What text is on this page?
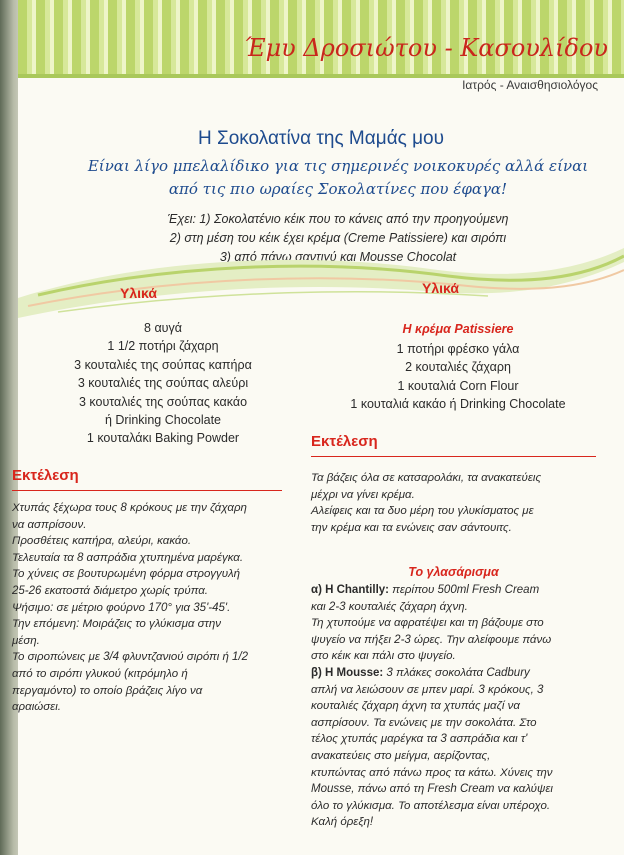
Έμυ Δροσιώτου - Κασουλίδου
Ιατρός - Αναισθησιολόγος
Η Σοκολατίνα της Μαμάς μου
Είναι λίγο μπελαλίδικο για τις σημερινές νοικοκυρές αλλά είναι
από τις πιο ωραίες Σοκολατίνες που έφαγα!
Έχει: 1) Σοκολατένιο κέικ που το κάνεις από την προηγούμενη
2) στη μέση του κέικ έχει κρέμα (Creme Patissiere) και σιρόπι
3) από πάνω σαντιγύ και Mousse Chocolat
Υλικά
8 αυγά
1 1/2 ποτήρι ζάχαρη
3 κουταλιές της σούπας καπήρα
3 κουταλιές της σούπας αλεύρι
3 κουταλιές της σούπας κακάο
ή Drinking Chocolate
1 κουταλάκι Baking Powder
Εκτέλεση
Χτυπάς ξέχωρα τους 8 κρόκους με την ζάχαρη
να ασπρίσουν.
Προσθέτεις καπήρα, αλεύρι, κακάο.
Τελευταία τα 8 ασπράδια χτυπημένα μαρέγκα.
Το χύνεις σε βουτυρωμένη φόρμα στρογγυλή
25-26 εκατοστά διάμετρο χωρίς τρύπα.
Ψήσιμο: σε μέτριο φούρνο 170° για 35'-45'.
Την επόμενη: Μοιράζεις το γλύκισμα στην
μέση.
Το σιροπώνεις με 3/4 φλυντζανιού σιρόπι ή 1/2
από το σιρόπι γλυκού (κιτρόμηλο ή
περγαμόντο) το οποίο βράζεις λίγο να
αραιώσει.
Υλικά
Η κρέμα Patissiere
1 ποτήρι φρέσκο γάλα
2 κουταλιές ζάχαρη
1 κουταλιά Corn Flour
1 κουταλιά κακάο ή Drinking Chocolate
Εκτέλεση
Τα βάζεις όλα σε κατσαρολάκι, τα ανακατεύεις
μέχρι να γίνει κρέμα.
Αλείφεις και τα δυο μέρη του γλυκίσματος με
την κρέμα και τα ενώνεις σαν σάντουιτς.
Το γλασάρισμα
α) Η Chantilly: περίπου 500ml Fresh Cream
και 2-3 κουταλιές ζάχαρη άχνη.
Τη χτυπούμε να αφρατέψει και τη βάζουμε στο
ψυγείο να πήξει 2-3 ώρες. Την αλείφουμε πάνω
στο κέικ και πάλι στο ψυγείο.
β) Η Mousse: 3 πλάκες σοκολάτα Cadbury
απλή να λειώσουν σε μπεν μαρί. 3 κρόκους, 3
κουταλιές ζάχαρη άχνη τα χτυπάς μαζί να
ασπρίσουν. Τα ενώνεις με την σοκολάτα. Στο
τέλος χτυπάς μαρέγκα τα 3 ασπράδια και τ'
ανακατεύεις στο μείγμα, αερίζοντας,
κτυπώντας από πάνω προς τα κάτω. Χύνεις την
Mousse, πάνω από τη Fresh Cream να καλύψει
όλο το γλύκισμα. Το αποτέλεσμα είναι υπέροχο.
Καλή όρεξη!
